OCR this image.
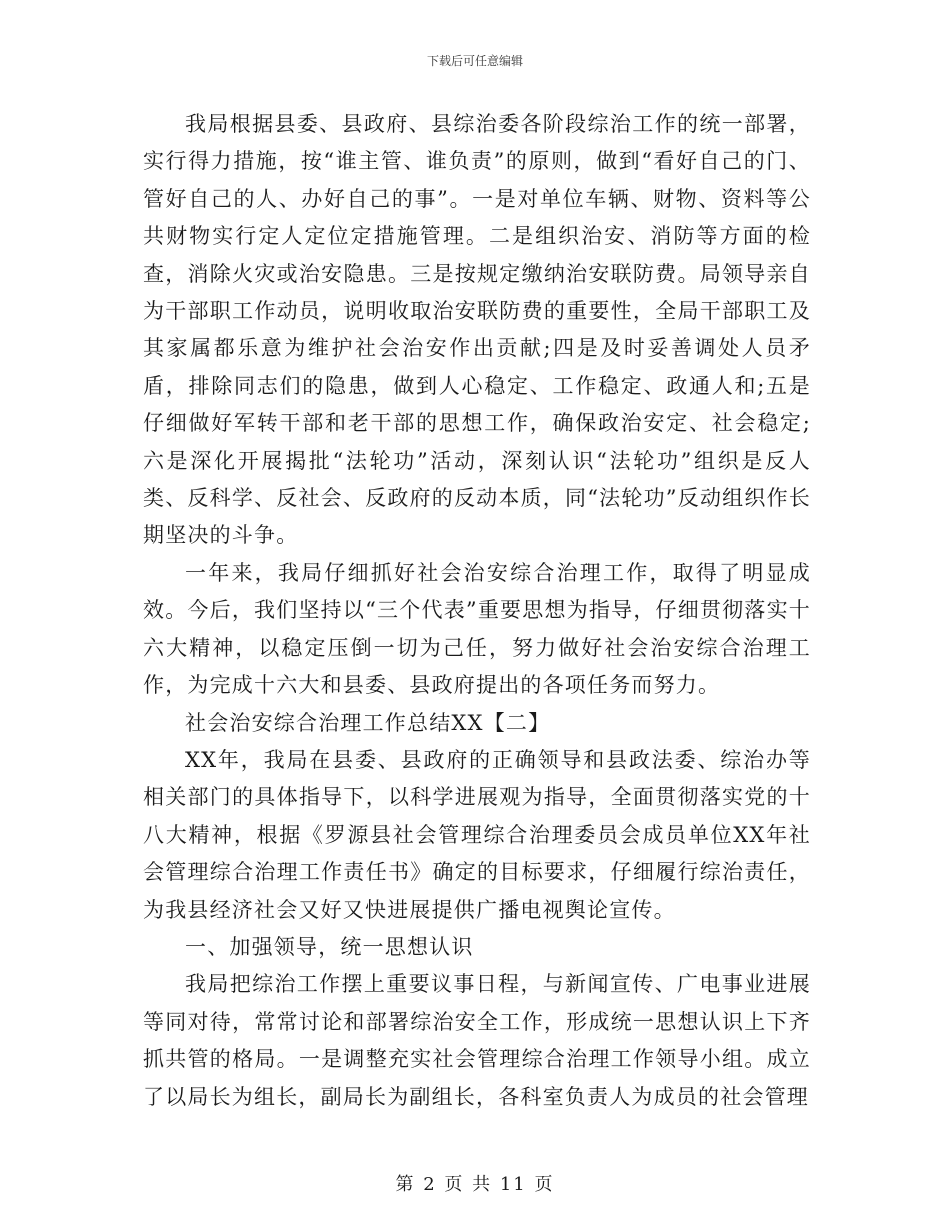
下载后可任意编辑

我局根据县委、县政府、县综治委各阶段综治工作的统一部署，实行得力措施，按“谁主管、谁负责”的原则，做到“看好自己的门、管好自己的人、办好自己的事”。一是对单位车辆、财物、资料等公共财物实行定人定位定措施管理。二是组织治安、消防等方面的检查，消除火灾或治安隐患。三是按规定缴纳治安联防费。局领导亲自为干部职工作动员，说明收取治安联防费的重要性，全局干部职工及其家属都乐意为维护社会治安作出贡献;四是及时妥善调处人员矛盾，排除同志们的隐患，做到人心稳定、工作稳定、政通人和;五是仔细做好军转干部和老干部的思想工作，确保政治安定、社会稳定;六是深化开展揭批“法轮功”活动，深刻认识“法轮功”组织是反人类、反科学、反社会、反政府的反动本质，同“法轮功”反动组织作长期坚决的斗争。

一年来，我局仔细抓好社会治安综合治理工作，取得了明显成效。今后，我们坚持以“三个代表”重要思想为指导，仔细贯彻落实十六大精神，以稳定压倒一切为己任，努力做好社会治安综合治理工作，为完成十六大和县委、县政府提出的各项任务而努力。

社会治安综合治理工作总结XX【二】

XX年，我局在县委、县政府的正确领导和县政法委、综治办等相关部门的具体指导下，以科学进展观为指导，全面贯彻落实党的十八大精神，根据《罗源县社会管理综合治理委员会成员单位XX年社会管理综合治理工作责任书》确定的目标要求，仔细履行综治责任，为我县经济社会又好又快进展提供广播电视舆论宣传。

一、加强领导，统一思想认识

我局把综治工作摆上重要议事日程，与新闻宣传、广电事业进展等同对待，常常讨论和部署综治安全工作，形成统一思想认识上下齐抓共管的格局。一是调整充实社会管理综合治理工作领导小组。成立了以局长为组长，副局长为副组长，各科室负责人为成员的社会管理

第 2 页 共 11 页
